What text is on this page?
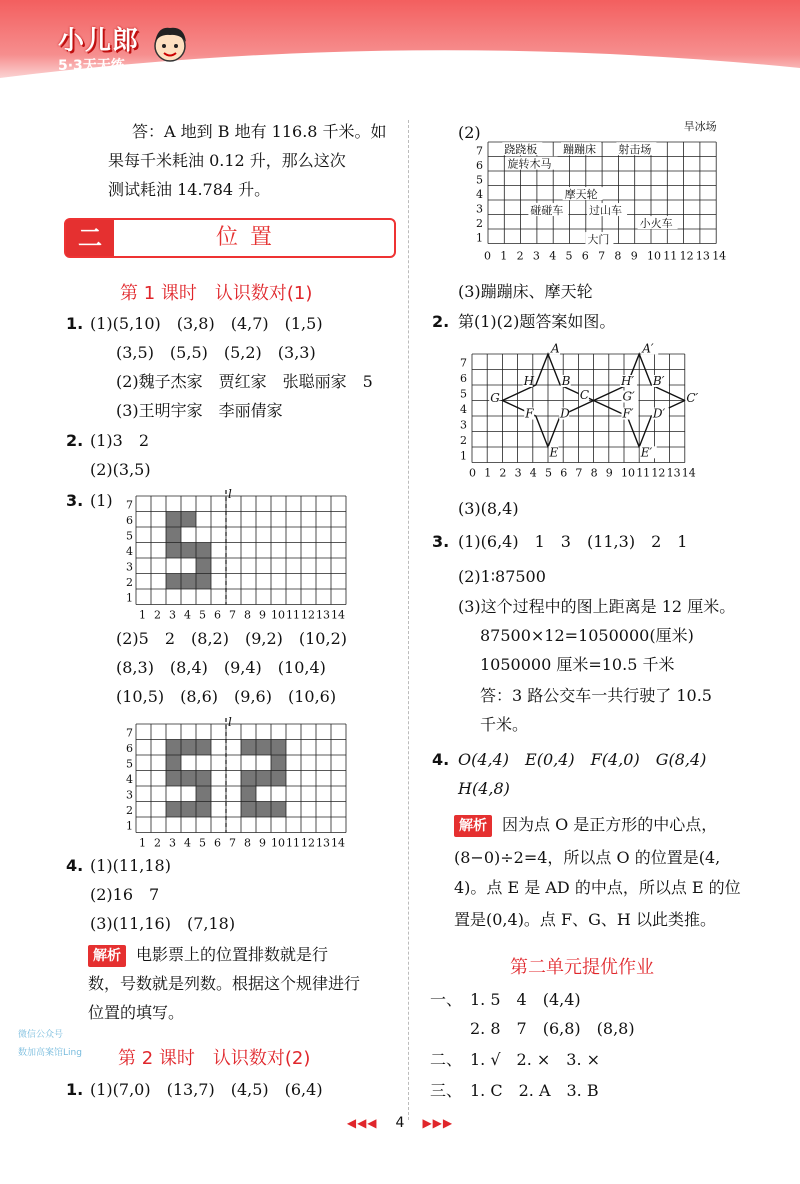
小儿郎
5·3天天练
答：A 地到 B 地有 116.8 千米。如
果每千米耗油 0.12 升，那么这次
测试耗油 14.784 升。
二	位置
第 1 课时　认识数对(1)
1. (1)(5,10)　(3,8)　(4,7)　(1,5)
(3,5)　(5,5)　(5,2)　(3,3)
(2)魏子杰家　贾红家　张聪丽家　5
(3)王明宇家　李丽倩家
2. (1)3　2
(2)(3,5)
3. (1)
(2)5　2　(8,2)　(9,2)　(10,2)
(8,3)　(8,4)　(9,4)　(10,4)
(10,5)　(8,6)　(9,6)　(10,6)
4. (1)(11,18)
(2)16　7
(3)(11,16)　(7,18)
解析 电影票上的位置排数就是行
数，号数就是列数。根据这个规律进行
位置的填写。
第 2 课时　认识数对(2)
微信公众号
数加高案馆Ling
1. (1)(7,0)　(13,7)　(4,5)　(6,4)
l
1
2
3
4
5
6
7
1 2 3 4 5 6 7 8 9 10 11 12 13 14
l
1
2
3
4
5
6
7
1 2 3 4 5 6 7 8 9 10 11 12 13 14
(2)
1
2
3
4
5
6
7
0 1 2 3 4 5 6 7 8 9 10 11 12 13 14
旱冰场
跷跷板 蹦蹦床 射击场
旋转木马
摩天轮
碰碰车 过山车
小火车
大门
(3)蹦蹦床、摩天轮
2. 第(1)(2)题答案如图。
1
2
3
4
5
6
7
0 1 2 3 4 5 6 7 8 9 10 11 12 13 14
A
H B
G	C
F D
E
A′
H′ B′
C′
G′
F′ D′
E′
(3)(8,4)
3. (1)(6,4)　1　3　(11,3)　2　1
(2)1∶87500
(3)这个过程中的图上距离是 12 厘米。
87500×12=1050000(厘米)
1050000 厘米=10.5 千米
答：3 路公交车一共行驶了 10.5
千米。
4. O(4,4)　E(0,4)　F(4,0)　G(8,4)
H(4,8)
解析 因为点 O 是正方形的中心点，
(8−0)÷2=4，所以点 O 的位置是(4,
4)。点 E 是 AD 的中点，所以点 E 的位
置是(0,4)。点 F、G、H 以此类推。
第二单元提优作业
一、 1. 5　4　(4,4)
2. 8　7　(6,8)　(8,8)
二、 1. √　2. ×　3. ×
三、 1. C　2. A　3. B
◀◀◀ 4 ▶▶▶
